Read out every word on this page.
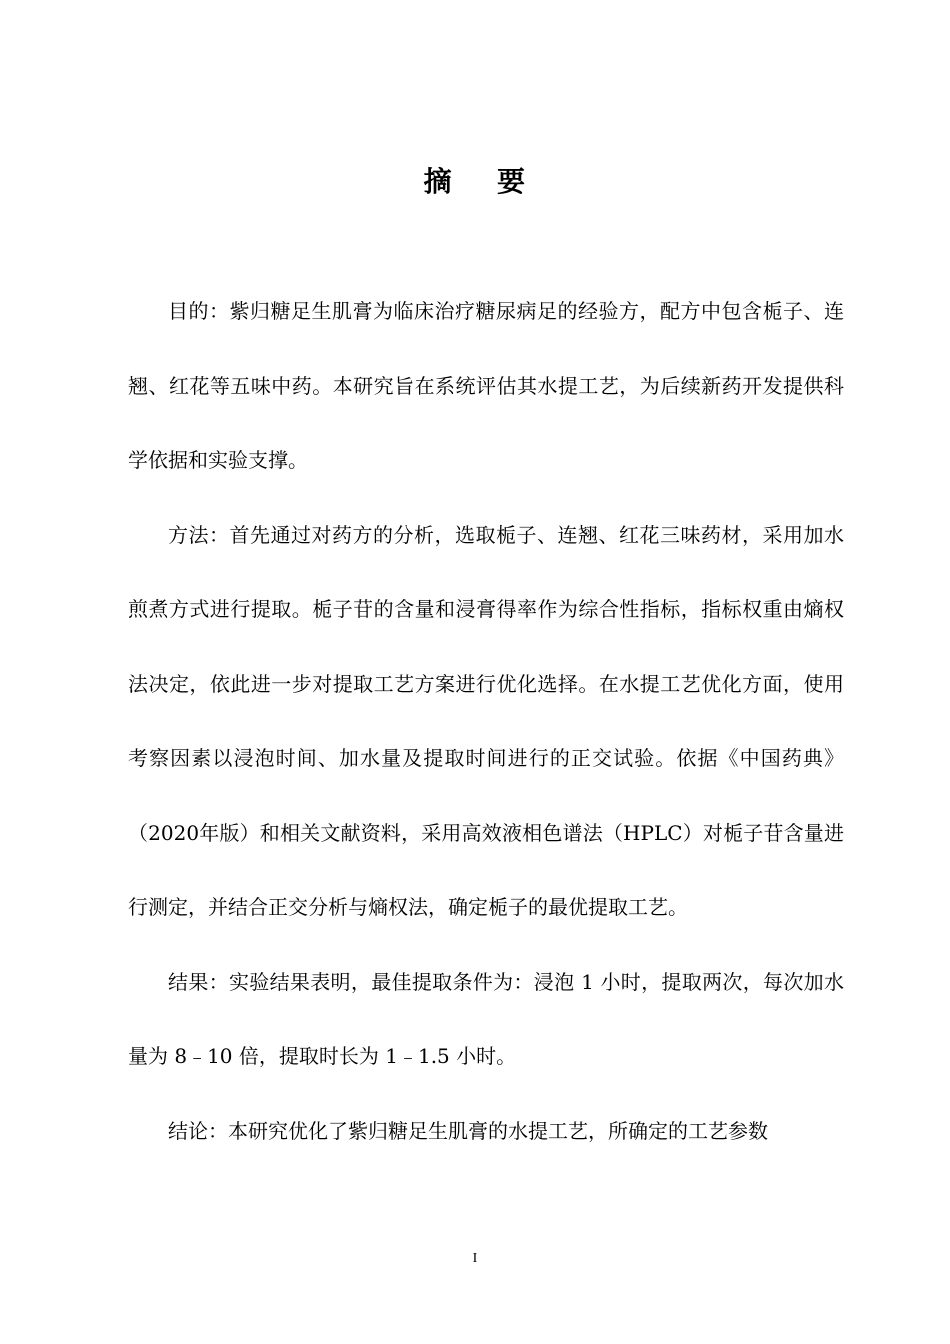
摘 要

目的：紫归糖足生肌膏为临床治疗糖尿病足的经验方，配方中包含栀子、连翘、红花等五味中药。本研究旨在系统评估其水提工艺，为后续新药开发提供科学依据和实验支撑。

方法：首先通过对药方的分析，选取栀子、连翘、红花三味药材，采用加水煎煮方式进行提取。栀子苷的含量和浸膏得率作为综合性指标，指标权重由熵权法决定，依此进一步对提取工艺方案进行优化选择。在水提工艺优化方面，使用考察因素以浸泡时间、加水量及提取时间进行的正交试验。依据《中国药典》（2020年版）和相关文献资料，采用高效液相色谱法（HPLC）对栀子苷含量进行测定，并结合正交分析与熵权法，确定栀子的最优提取工艺。

结果：实验结果表明，最佳提取条件为：浸泡 1 小时，提取两次，每次加水量为 8﹣10 倍，提取时长为 1﹣1.5 小时。

结论：本研究优化了紫归糖足生肌膏的水提工艺，所确定的工艺参数

I
